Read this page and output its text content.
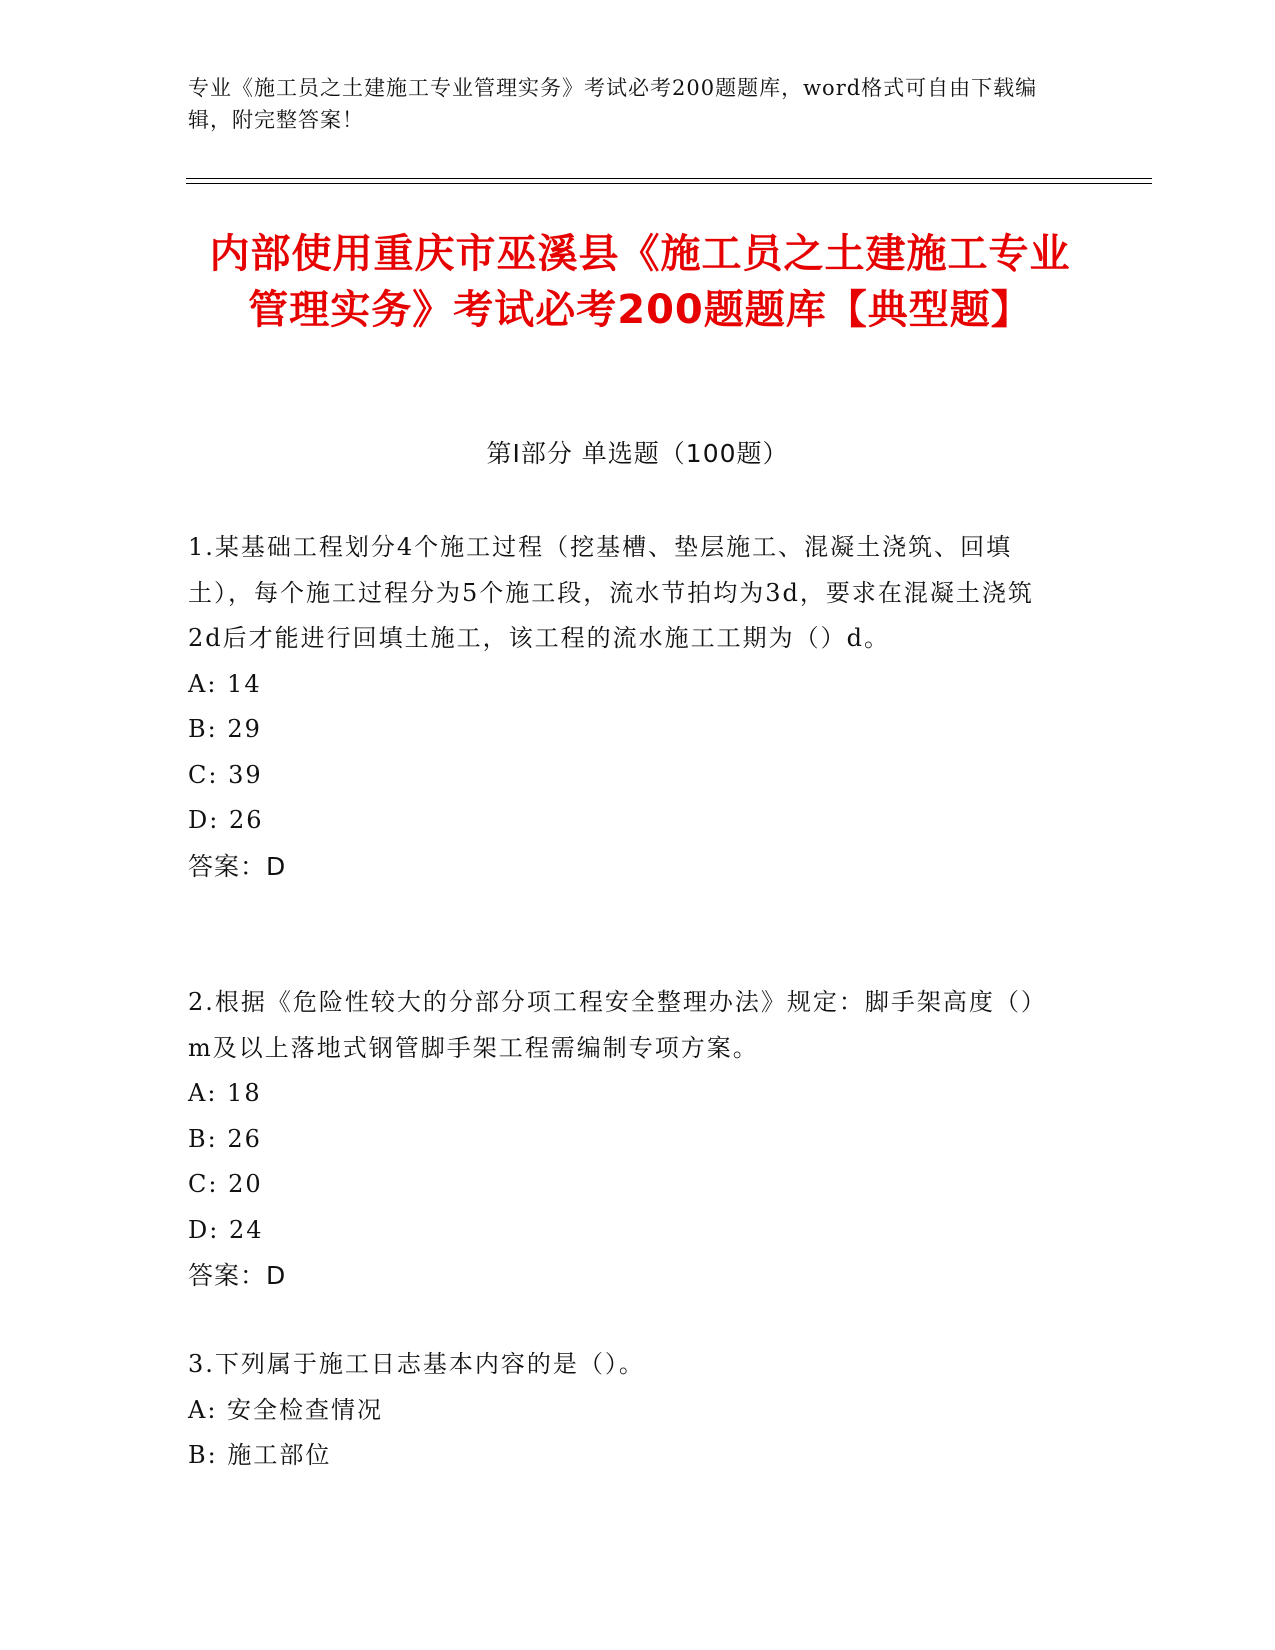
专业《施工员之土建施工专业管理实务》考试必考200题题库，word格式可自由下载编辑，附完整答案！
内部使用重庆市巫溪县《施工员之土建施工专业管理实务》考试必考200题题库【典型题】
第Ⅰ部分 单选题（100题）

1.某基础工程划分4个施工过程（挖基槽、垫层施工、混凝土浇筑、回填土），每个施工过程分为5个施工段，流水节拍均为3d，要求在混凝土浇筑2d后才能进行回填土施工，该工程的流水施工工期为（）d。

A: 14

B: 29

C: 39

D: 26

答案：D

2.根据《危险性较大的分部分项工程安全整理办法》规定：脚手架高度（）m及以上落地式钢管脚手架工程需编制专项方案。

A: 18

B: 26

C: 20

D: 24

答案：D

3.下列属于施工日志基本内容的是（）。

A: 安全检查情况

B: 施工部位
